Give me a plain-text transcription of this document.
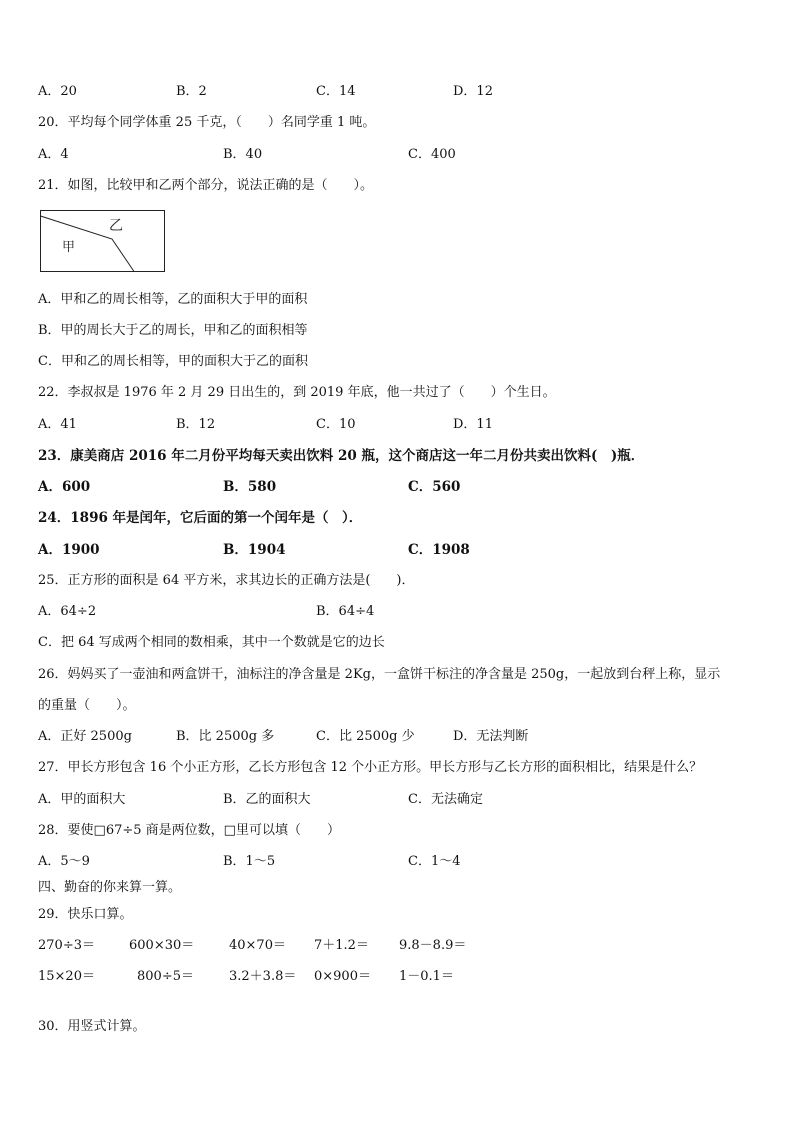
A．20	B．2	C．14	D．12
20．平均每个同学体重 25 千克，（　　）名同学重 1 吨。
A．4	B．40	C．400
21．如图，比较甲和乙两个部分，说法正确的是（　　）。
乙
甲
A．甲和乙的周长相等，乙的面积大于甲的面积
B．甲的周长大于乙的周长，甲和乙的面积相等
C．甲和乙的周长相等，甲的面积大于乙的面积
22．李叔叔是 1976 年 2 月 29 日出生的，到 2019 年底，他一共过了（　　）个生日。
A．41	B．12	C．10	D．11
23．康美商店 2016 年二月份平均每天卖出饮料 20 瓶，这个商店这一年二月份共卖出饮料(　)瓶．
A．600	B．580	C．560
24．1896 年是闰年，它后面的第一个闰年是（　）．
A．1900	B．1904	C．1908
25．正方形的面积是 64 平方米，求其边长的正确方法是(　　)．
A．64÷2	B．64÷4
C．把 64 写成两个相同的数相乘，其中一个数就是它的边长
26．妈妈买了一壶油和两盒饼干，油标注的净含量是 2Kg，一盒饼干标注的净含量是 250g，一起放到台秤上称，显示
的重量（　　）。
A．正好 2500g	B．比 2500g 多	C．比 2500g 少	D．无法判断
27．甲长方形包含 16 个小正方形，乙长方形包含 12 个小正方形。甲长方形与乙长方形的面积相比，结果是什么？
A．甲的面积大	B．乙的面积大	C．无法确定
28．要使□67÷5 商是两位数，□里可以填（　　）
A．5～9	B．1～5	C．1～4
四、勤奋的你来算一算。
29．快乐口算。
270÷3＝	600×30＝	40×70＝ 7＋1.2＝ 9.8－8.9＝
15×20＝	800÷5＝	3.2＋3.8＝ 0×900＝ 1－0.1＝
30．用竖式计算。
